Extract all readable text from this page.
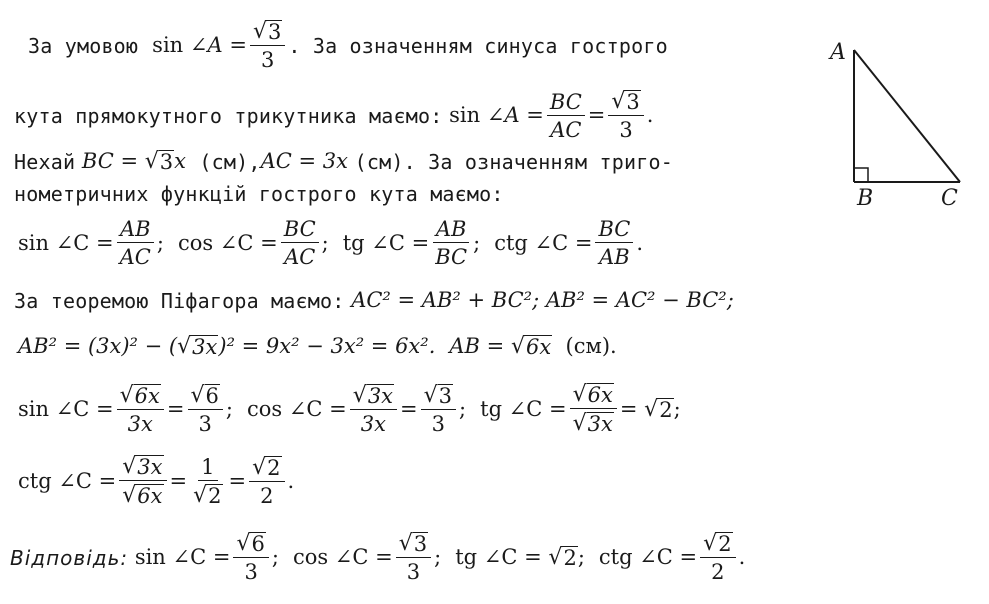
За умовою sin
∠A = $\frac{√ 3}{3}$ . За означенням синуса гострого
кута прямокутного трикутника маємо:
sin
∠A = $\frac{BC}{AC} = \frac{√ 3}{3}$ .
Нехай
BC =
√ 3 x
(см), AC = 3x
(см). За означенням триго-
нометричних функцій гострого кута маємо:
sin ∠C = $\frac{AB}{AC}$ ; cos ∠C = $\frac{BC}{AC}$ ; tg ∠C = $\frac{AB}{BC}$ ; ctg ∠C = $\frac{BC}{AB}$ .
За теоремою Піфагора маємо:
AC² = AB² + BC²;
AB² = AC² − BC²;
AB² = (3x)² − ( √ 3x )² = 9x² − 3x² = 6x². AB =
√ 6x
(см).
sin ∠C = $\frac{√ 6x}{3x} = \frac{√ 6}{3}$ ; cos ∠C = $\frac{√ 3x}{3x} = \frac{√ 3}{3}$ ; tg ∠C = $\frac{√ 6x}{√ 3x}$ =
√ 2 ;
ctg ∠C = $\frac{√ 3x}{√ 6x} = \frac{1}{√ 2} = \frac{√ 2}{2}$ .
Відповідь:
sin ∠C = $\frac{√ 6}{3}$ ; cos ∠C = $\frac{√ 3}{3}$ ; tg ∠C =
√ 2 ; ctg ∠C = $\frac{√ 2}{2}$ .
A
B	C
